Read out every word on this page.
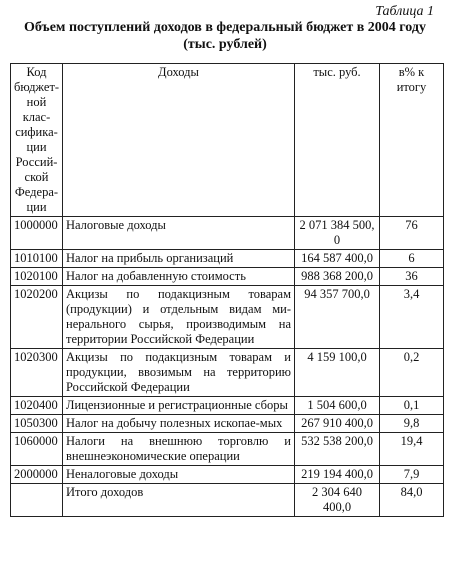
Таблица 1
Объем поступлений доходов в федеральный бюджет в 2004 году
(тыс. рублей)
Код бюджет-ной клас-сифика-ции Россий-ской Федера-ции	Доходы	тыс. руб.	в% к итогу
1000000	Налоговые доходы	2 071 384 500, 0	76
1010100	Налог на прибыль организаций	164 587 400,0	6
1020100	Налог на добавленную стоимость	988 368 200,0	36
1020200	Акцизы по подакцизным товарам (продукции) и отдельным видам ми-нерального сырья, производимым на территории Российской Федерации	94 357 700,0	3,4
1020300	Акцизы по подакцизным товарам и продукции, ввозимым на территорию Российской Федерации	4 159 100,0	0,2
1020400	Лицензионные и регистрационные сборы	1 504 600,0	0,1
1050300	Налог на добычу полезных ископае-мых	267 910 400,0	9,8
1060000	Налоги на внешнюю торговлю и внешнеэкономические операции	532 538 200,0	19,4
2000000	Неналоговые доходы	219 194 400,0	7,9
	Итого доходов	2 304 640 400,0	84,0
